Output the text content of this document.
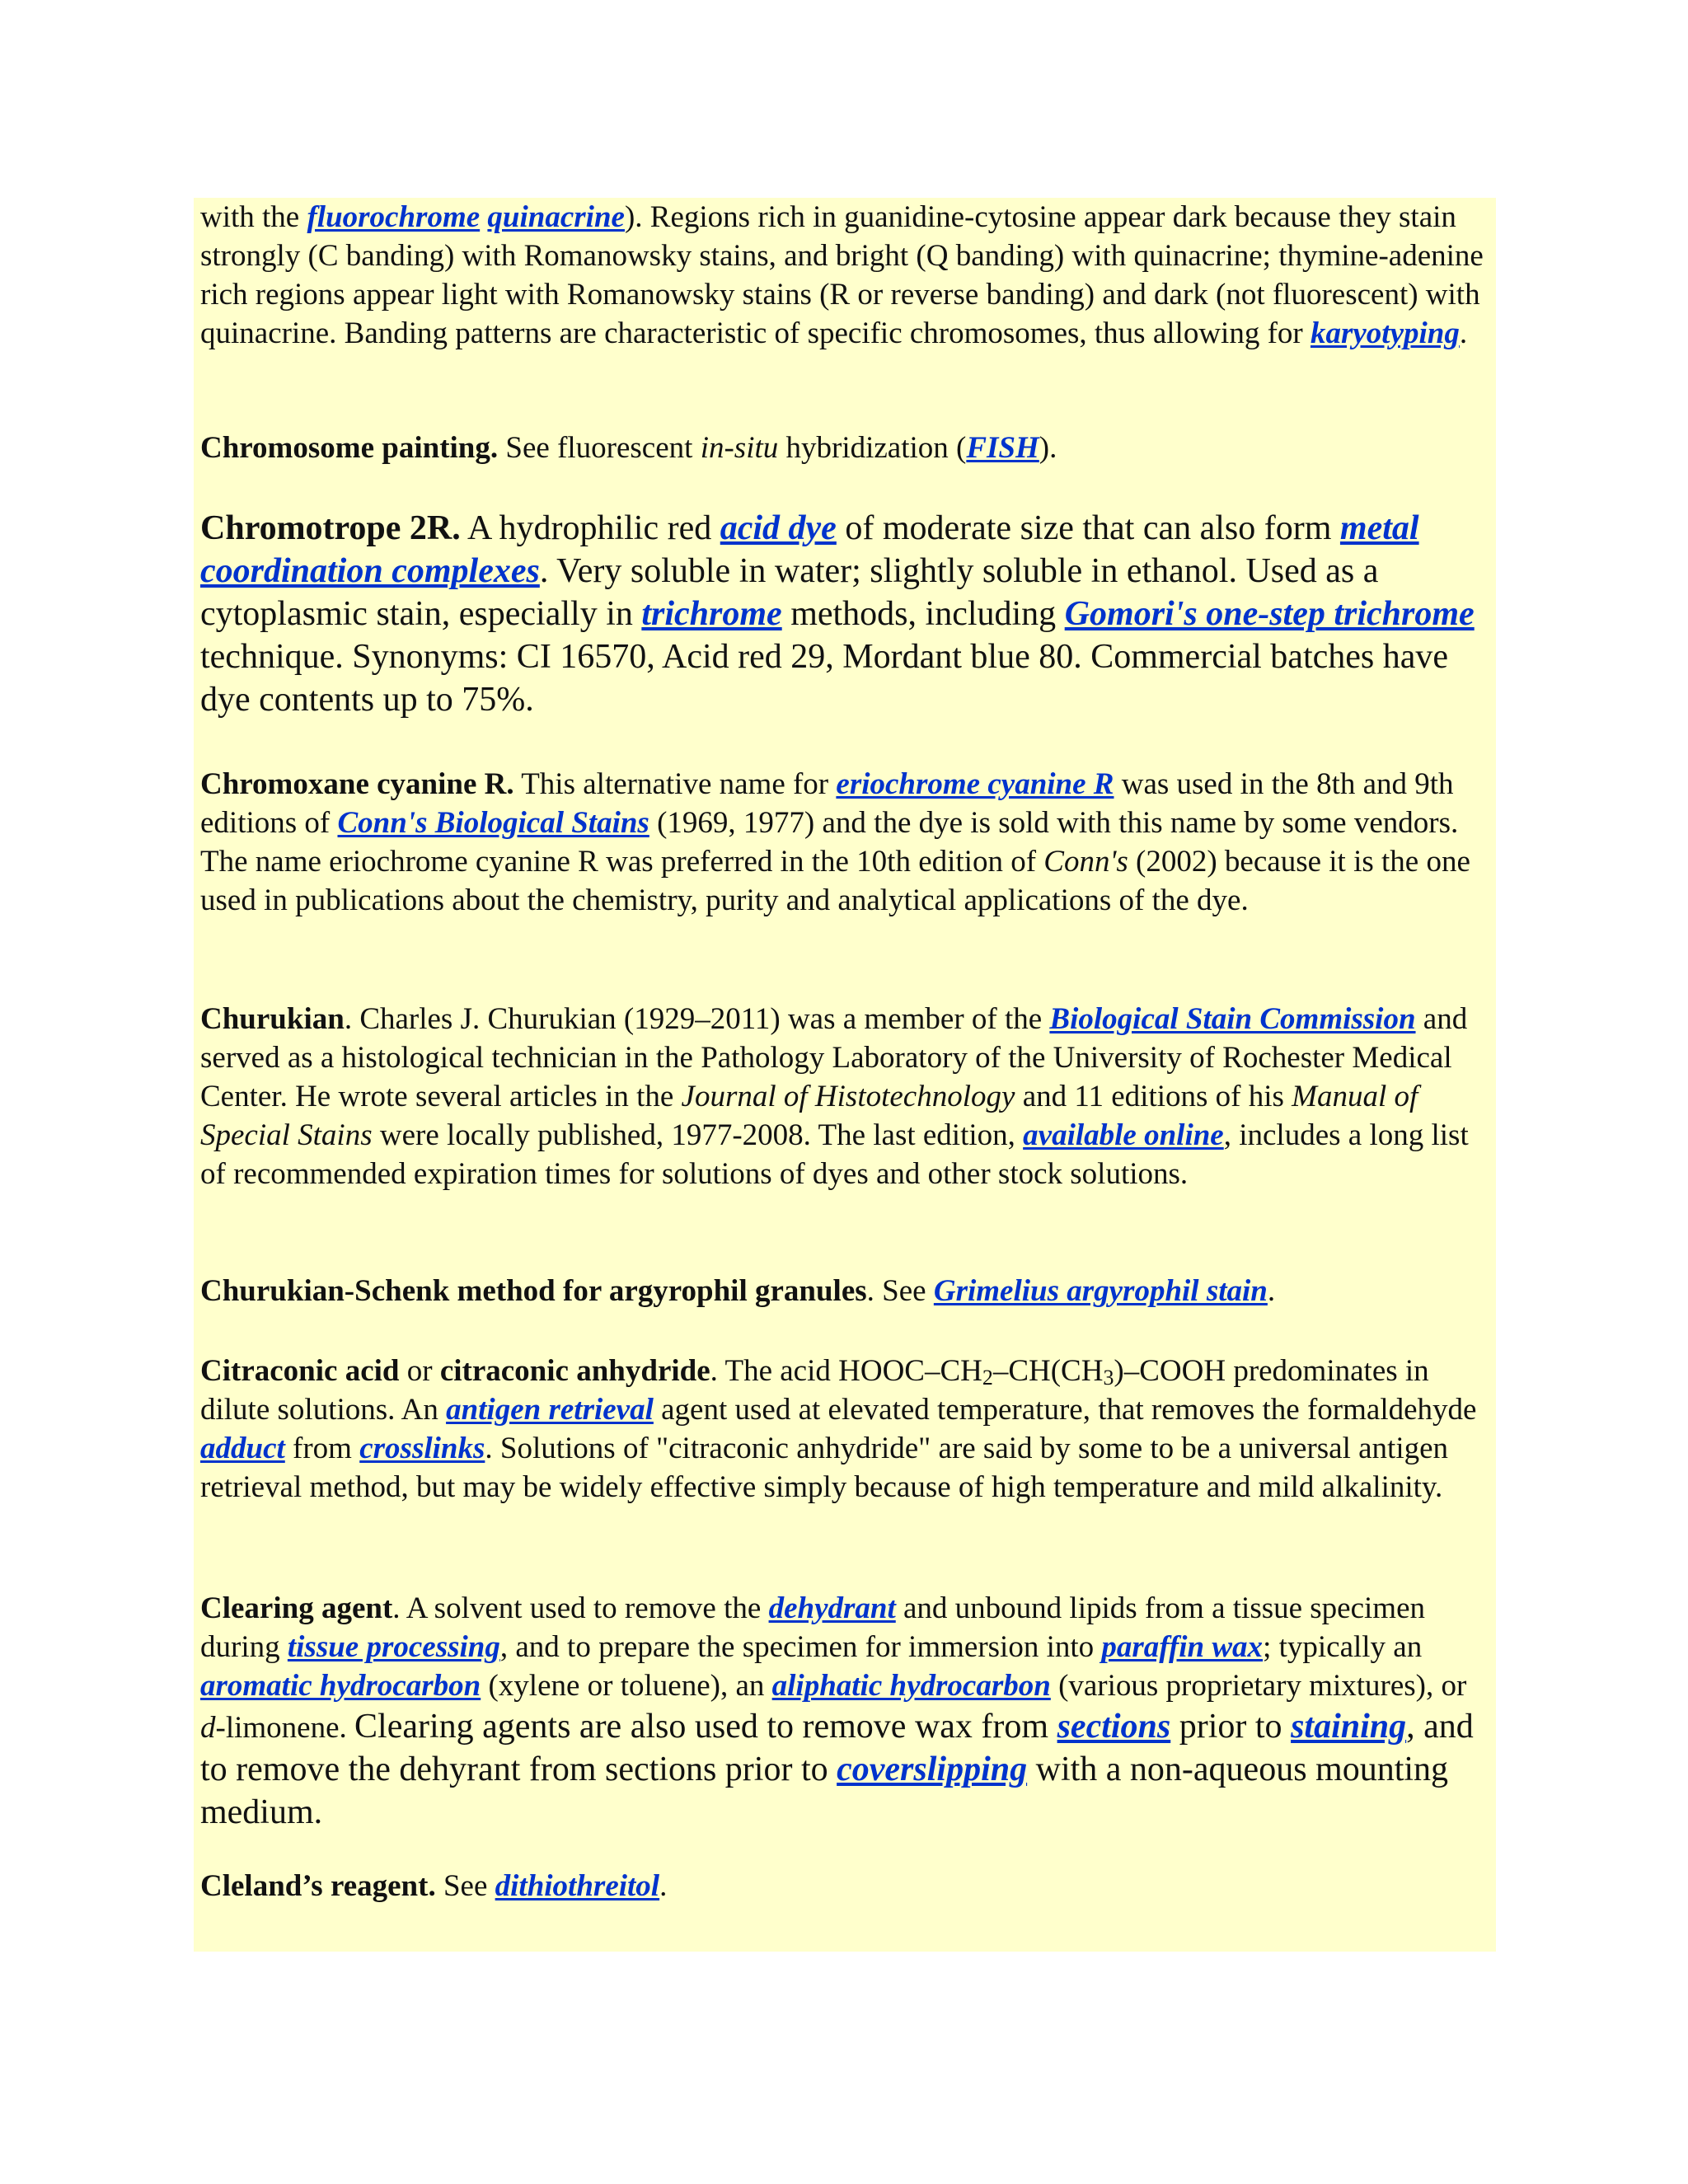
with the fluorochrome quinacrine). Regions rich in guanidine-cytosine appear dark because they stain strongly (C banding) with Romanowsky stains, and bright (Q banding) with quinacrine; thymine-adenine rich regions appear light with Romanowsky stains (R or reverse banding) and dark (not fluorescent) with quinacrine. Banding patterns are characteristic of specific chromosomes, thus allowing for karyotyping.

Chromosome painting. See fluorescent in-situ hybridization (FISH).

Chromotrope 2R. A hydrophilic red acid dye of moderate size that can also form metal coordination complexes. Very soluble in water; slightly soluble in ethanol. Used as a cytoplasmic stain, especially in trichrome methods, including Gomori's one-step trichrome technique. Synonyms: CI 16570, Acid red 29, Mordant blue 80. Commercial batches have dye contents up to 75%.

Chromoxane cyanine R. This alternative name for eriochrome cyanine R was used in the 8th and 9th editions of Conn's Biological Stains (1969, 1977) and the dye is sold with this name by some vendors. The name eriochrome cyanine R was preferred in the 10th edition of Conn's (2002) because it is the one used in publications about the chemistry, purity and analytical applications of the dye.

Churukian. Charles J. Churukian (1929–2011) was a member of the Biological Stain Commission and served as a histological technician in the Pathology Laboratory of the University of Rochester Medical Center. He wrote several articles in the Journal of Histotechnology and 11 editions of his Manual of Special Stains were locally published, 1977-2008. The last edition, available online, includes a long list of recommended expiration times for solutions of dyes and other stock solutions.

Churukian-Schenk method for argyrophil granules. See Grimelius argyrophil stain.

Citraconic acid or citraconic anhydride. The acid HOOC–$CH_2-CH(CH_3)$–COOH predominates in dilute solutions. An antigen retrieval agent used at elevated temperature, that removes the formaldehyde adduct from crosslinks. Solutions of "citraconic anhydride" are said by some to be a universal antigen retrieval method, but may be widely effective simply because of high temperature and mild alkalinity.

Clearing agent. A solvent used to remove the dehydrant and unbound lipids from a tissue specimen during tissue processing, and to prepare the specimen for immersion into paraffin wax; typically an aromatic hydrocarbon (xylene or toluene), an aliphatic hydrocarbon (various proprietary mixtures), or d-limonene. Clearing agents are also used to remove wax from sections prior to staining, and to remove the dehyrant from sections prior to coverslipping with a non-aqueous mounting medium.

Cleland’s reagent. See dithiothreitol.
